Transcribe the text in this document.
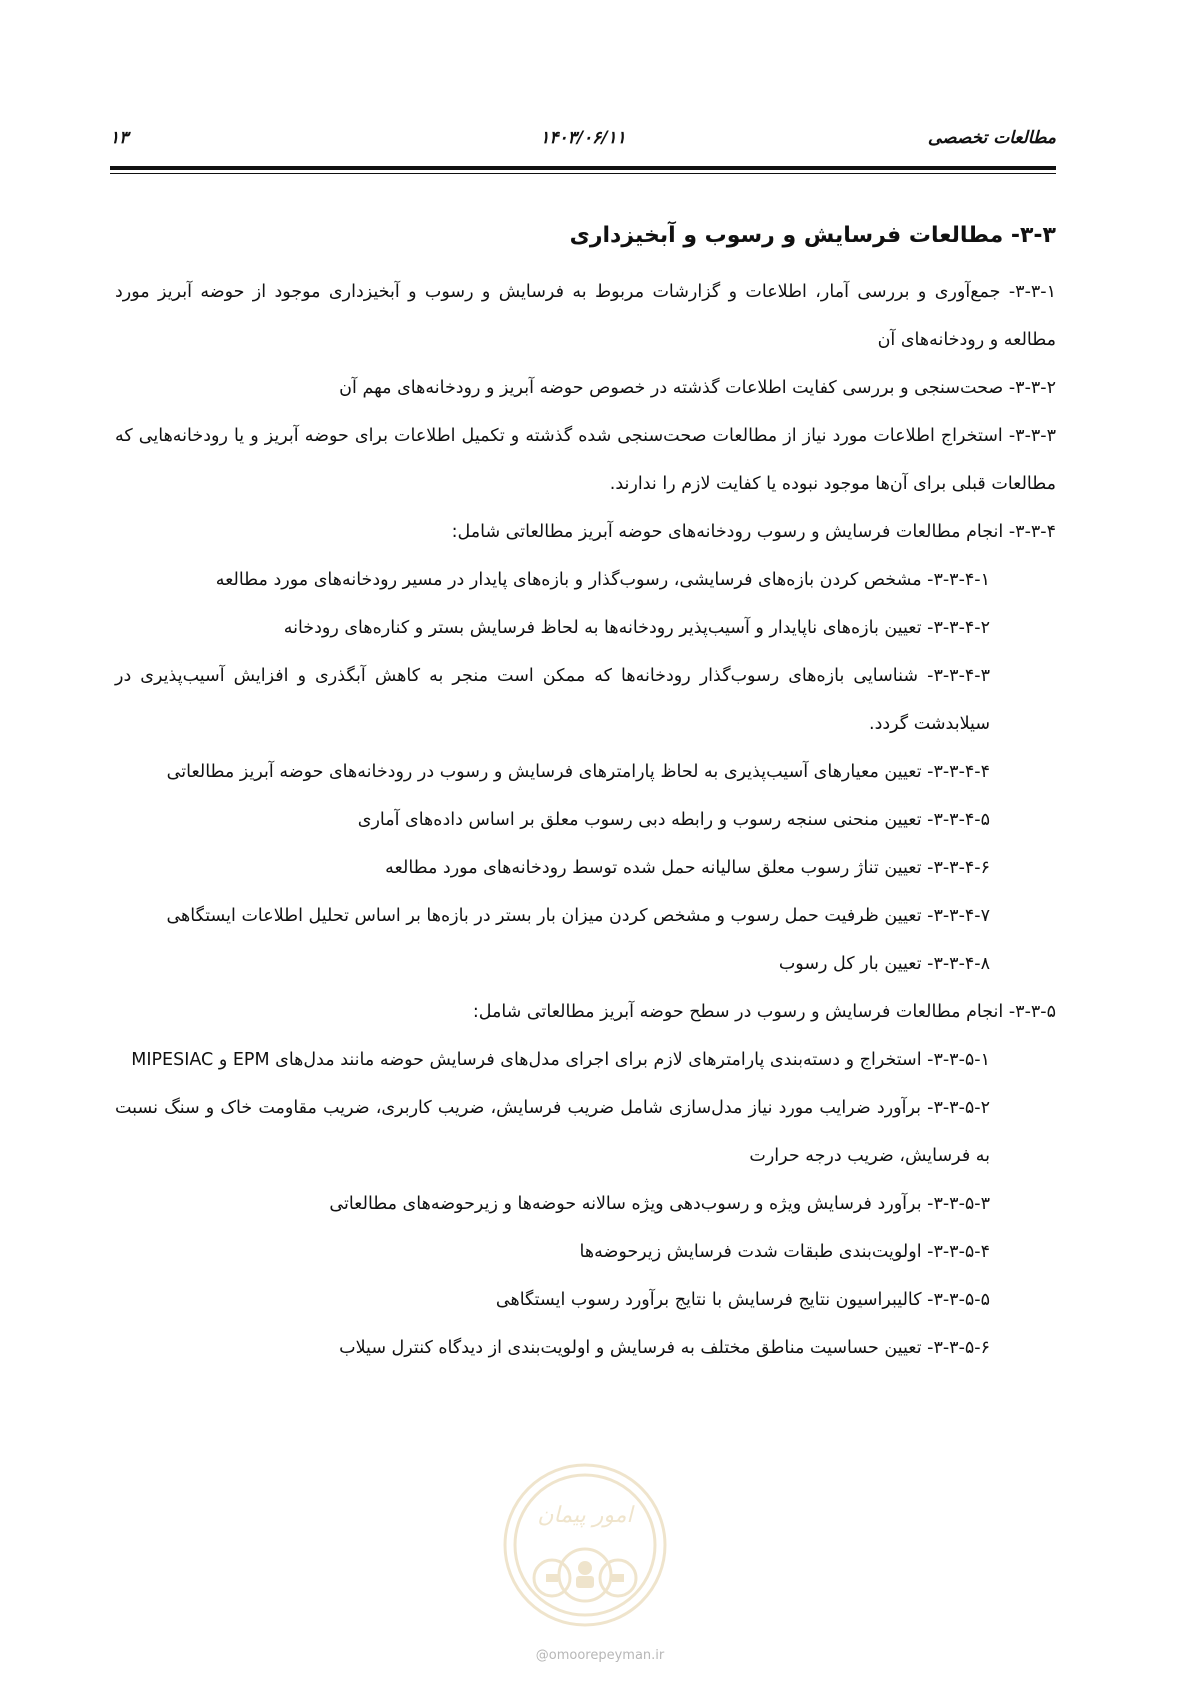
مطالعات تخصصی
۱۴۰۳/۰۶/۱۱
۱۳
۳-۳- مطالعات فرسایش و رسوب و آبخیزداری

۳-۳-۱- جمع‌آوری و بررسی آمار، اطلاعات و گزارشات مربوط به فرسایش و رسوب و آبخیزداری موجود از حوضه آبریز مورد مطالعه و رودخانه‌های آن

۳-۳-۲- صحت‌سنجی و بررسی کفایت اطلاعات گذشته در خصوص حوضه آبریز و رودخانه‌های مهم آن

۳-۳-۳- استخراج اطلاعات مورد نیاز از مطالعات صحت‌سنجی شده گذشته و تکمیل اطلاعات برای حوضه آبریز و یا رودخانه‌هایی که مطالعات قبلی برای آن‌ها موجود نبوده یا کفایت لازم را ندارند.

۳-۳-۴- انجام مطالعات فرسایش و رسوب رودخانه‌های حوضه آبریز مطالعاتی شامل:

۳-۳-۴-۱- مشخص کردن بازه‌های فرسایشی، رسوب‌گذار و بازه‌های پایدار در مسیر رودخانه‌های مورد مطالعه

۳-۳-۴-۲- تعیین بازه‌های ناپایدار و آسیب‌پذیر رودخانه‌ها به لحاظ فرسایش بستر و کناره‌های رودخانه

۳-۳-۴-۳- شناسایی بازه‌های رسوب‌گذار رودخانه‌ها که ممکن است منجر به کاهش آبگذری و افزایش آسیب‌پذیری در سیلابدشت گردد.

۳-۳-۴-۴- تعیین معیارهای آسیب‌پذیری به لحاظ پارامترهای فرسایش و رسوب در رودخانه‌های حوضه آبریز مطالعاتی

۳-۳-۴-۵- تعیین منحنی سنجه رسوب و رابطه دبی رسوب معلق بر اساس داده‌های آماری

۳-۳-۴-۶- تعیین تناژ رسوب معلق سالیانه حمل شده توسط رودخانه‌های مورد مطالعه

۳-۳-۴-۷- تعیین ظرفیت حمل رسوب و مشخص کردن میزان بار بستر در بازه‌ها بر اساس تحلیل اطلاعات ایستگاهی

۳-۳-۴-۸- تعیین بار کل رسوب

۳-۳-۵- انجام مطالعات فرسایش و رسوب در سطح حوضه آبریز مطالعاتی شامل:

۳-۳-۵-۱- استخراج و دسته‌بندی پارامترهای لازم برای اجرای مدل‌های فرسایش حوضه مانند مدل‌های EPM و MIPESIAC

۳-۳-۵-۲- برآورد ضرایب مورد نیاز مدل‌سازی شامل ضریب فرسایش، ضریب کاربری، ضریب مقاومت خاک و سنگ نسبت به فرسایش، ضریب درجه حرارت

۳-۳-۵-۳- برآورد فرسایش ویژه و رسوب‌دهی ویژه سالانه حوضه‌ها و زیرحوضه‌های مطالعاتی

۳-۳-۵-۴- اولویت‌بندی طبقات شدت فرسایش زیرحوضه‌ها

۳-۳-۵-۵- کالیبراسیون نتایج فرسایش با نتایج برآورد رسوب ایستگاهی

۳-۳-۵-۶- تعیین حساسیت مناطق مختلف به فرسایش و اولویت‌بندی از دیدگاه کنترل سیلاب

امور پیمان
@omoorepeyman.ir
